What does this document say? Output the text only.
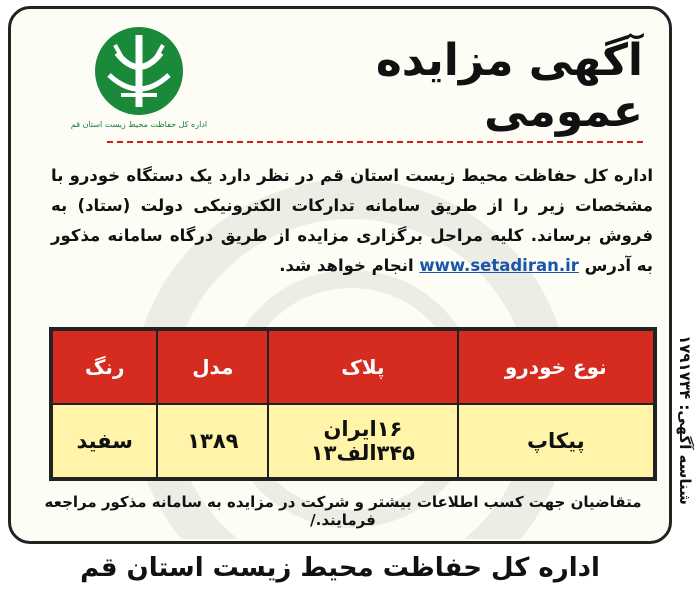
اداره کل حفاظت محیط زیست استان قم
آگهی مزایده عمومی
اداره کل حفاظت محیط زیست استان قم در نظر دارد یک دستگاه خودرو با مشخصات زیر را از طریق سامانه تدارکات الکترونیکی دولت (ستاد) به فروش برساند. کلیه مراحل برگزاری مزایده از طریق درگاه سامانه مذکور به آدرس www.setadiran.ir انجام خواهد شد.
نوع خودرو	پلاک	مدل	رنگ
پیکاپ	۱۶ایران ۳۴۵الف۱۳	۱۳۸۹	سفید
متقاضیان جهت کسب اطلاعات بیشتر و شرکت در مزایده به سامانه مذکور مراجعه فرمایند./
شناسه آگهی: ۱۷۹۱۷۳۴
اداره کل حفاظت محیط زیست استان قم
